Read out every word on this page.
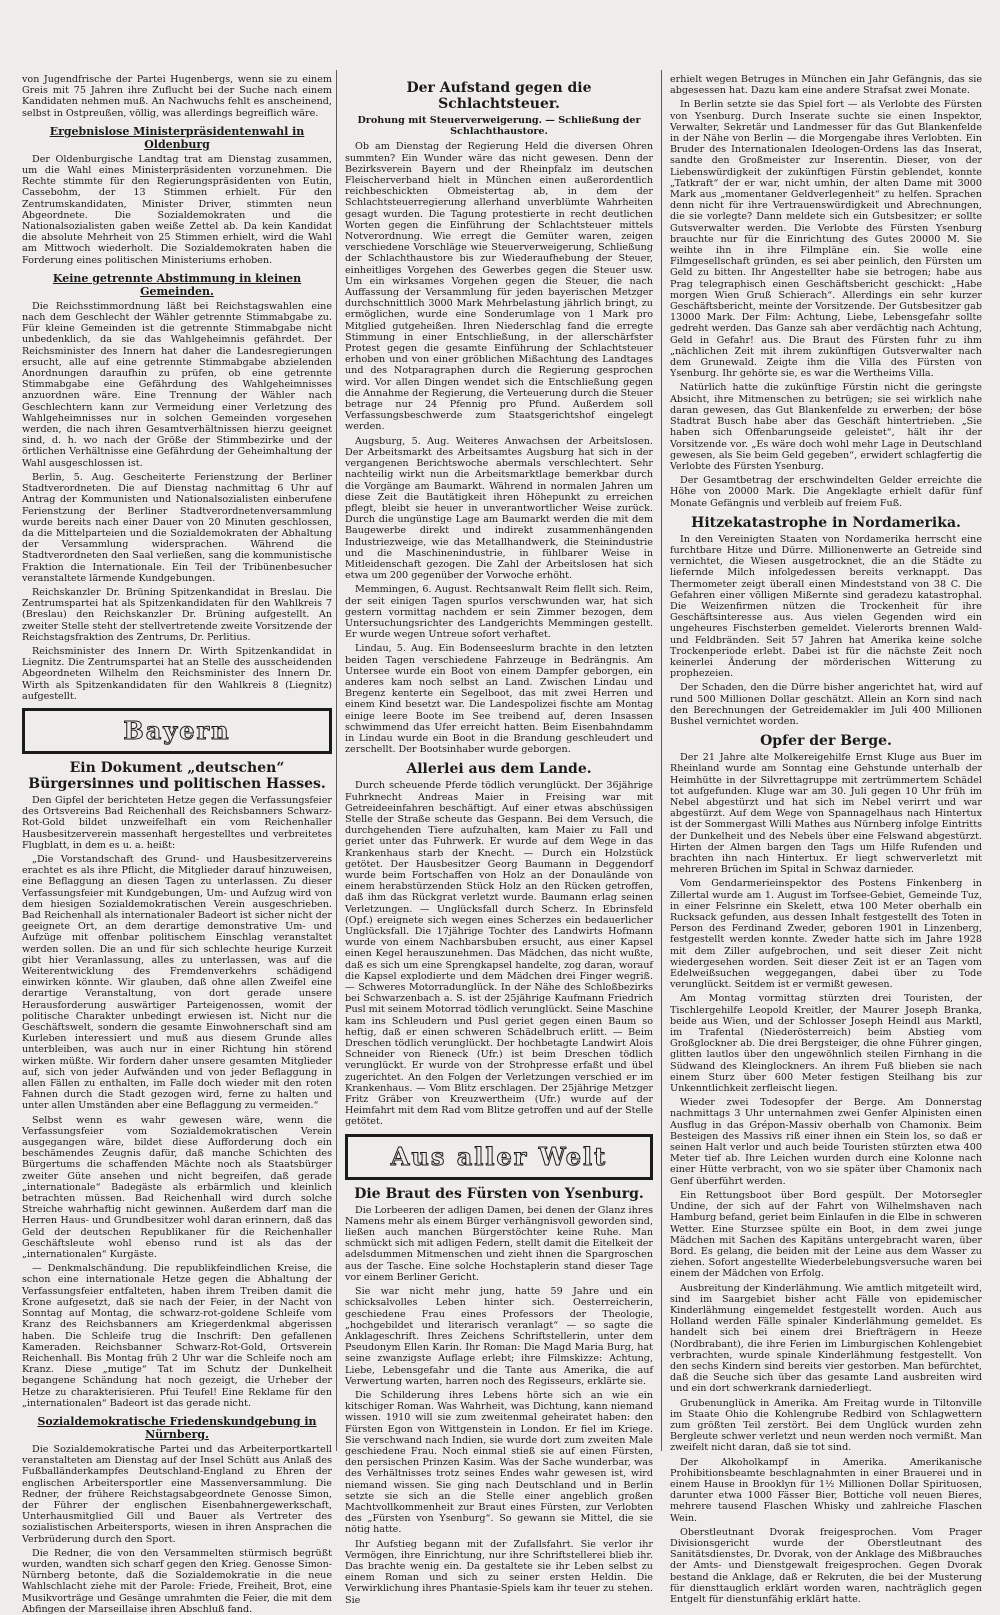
von Jugendfrische der Partei Hugenbergs, wenn sie zu einem Greis mit 75 Jahren ihre Zuflucht bei der Suche nach einem Kandidaten nehmen muß. An Nachwuchs fehlt es anscheinend, selbst in Ostpreußen, völlig, was allerdings begreiflich wäre.

Ergebnislose Ministerpräsidentenwahl in Oldenburg

Der Oldenburgische Landtag trat am Dienstag zusammen, um die Wahl eines Ministerpräsidenten vorzunehmen. Die Rechte stimmte für den Regierungspräsidenten von Eutin, Cassebohm, der 13 Stimmen erhielt. Für den Zentrumskandidaten, Minister Driver, stimmten neun Abgeordnete. Die Sozialdemokraten und die Nationalsozialisten gaben weiße Zettel ab. Da kein Kandidat die absolute Mehrheit von 25 Stimmen erhielt, wird die Wahl am Mittwoch wiederholt. Die Sozialdemokraten haben die Forderung eines politischen Ministeriums erhoben.

Keine getrennte Abstimmung in kleinen Gemeinden.

Die Reichsstimmordnung läßt bei Reichstagswahlen eine nach dem Geschlecht der Wähler getrennte Stimmabgabe zu. Für kleine Gemeinden ist die getrennte Stimmabgabe nicht unbedenklich, da sie das Wahlgeheimnis gefährdet. Der Reichsminister des Innern hat daher die Landesregierungen ersucht, alle auf eine getrennte Stimmabgabe abzielenden Anordnungen daraufhin zu prüfen, ob eine getrennte Stimmabgabe eine Gefährdung des Wahlgeheimnisses anzuordnen wäre. Eine Trennung der Wähler nach Geschlechtern kann zur Vermeidung einer Verletzung des Wahlgeheimnisses nur in solchen Gemeinden vorgesehen werden, die nach ihren Gesamtverhältnissen hierzu geeignet sind, d. h. wo nach der Größe der Stimmbezirke und der örtlichen Verhältnisse eine Gefährdung der Geheimhaltung der Wahl ausgeschlossen ist.

Berlin, 5. Aug. Gescheiterte Ferienstzung der Berliner Stadtverordneten. Die auf Dienstag nachmittag 6 Uhr auf Antrag der Kommunisten und Nationalsozialisten einberufene Ferienstzung der Berliner Stadtverordnetenversammlung wurde bereits nach einer Dauer von 20 Minuten geschlossen, da die Mittelparteien und die Sozialdemokraten der Abhaltung der Versammlung widersprachen. Während die Stadtverordneten den Saal verließen, sang die kommunistische Fraktion die Internationale. Ein Teil der Tribünenbesucher veranstaltete lärmende Kundgebungen.

Reichskanzler Dr. Brüning Spitzenkandidat in Breslau. Die Zentrumspartei hat als Spitzenkandidaten für den Wahlkreis 7 (Breslau) den Reichskanzler Dr. Brüning aufgestellt. An zweiter Stelle steht der stellvertretende zweite Vorsitzende der Reichstagsfraktion des Zentrums, Dr. Perlitius.

Reichsminister des Innern Dr. Wirth Spitzenkandidat in Liegnitz. Die Zentrumspartei hat an Stelle des ausscheidenden Abgeordneten Wilhelm den Reichsminister des Innern Dr. Wirth als Spitzenkandidaten für den Wahlkreis 8 (Liegnitz) aufgestellt.

Bayern
Ein Dokument „deutschen“ Bürgersinnes und politischen Hasses.

Den Gipfel der berichteten Hetze gegen die Verfassungsfeier des Ortsvereins Bad Reichenhall des Reichsbanners Schwarz-Rot-Gold bildet unzweifelhaft ein vom Reichenhaller Hausbesitzerverein massenhaft hergestelltes und verbreitetes Flugblatt, in dem es u. a. heißt:

„Die Vorstandschaft des Grund- und Hausbesitzervereins erachtet es als ihre Pflicht, die Mitglieder darauf hinzuweisen, eine Beflaggung an diesen Tagen zu unterlassen. Zu dieser Verfassungsfeier mit Kundgebungen, Um- und Aufzug wird von dem hiesigen Sozialdemokratischen Verein ausgeschrieben. Bad Reichenhall als internationaler Badeort ist sicher nicht der geeignete Ort, an dem derartige demonstrative Um- und Aufzüge mit offenbar politischem Einschlag veranstaltet werden sollen. Die an und für sich schlechte heurige Kurzeit gibt hier Veranlassung, alles zu unterlassen, was auf die Weiterentwicklung des Fremdenverkehrs schädigend einwirken könnte. Wir glauben, daß ohne allen Zweifel eine derartige Veranstaltung, von dort gerade unsere Herausforderung auswärtiger Parteigenossen, womit der politische Charakter unbedingt erwiesen ist. Nicht nur die Geschäftswelt, sondern die gesamte Einwohnerschaft sind am Kurleben interessiert und muß aus diesem Grunde alles unterbleiben, was auch nur in einer Richtung hin störend wirken müßte. Wir fordern daher unsere gesamten Mitglieder auf, sich von jeder Aufwänden und von jeder Beflaggung in allen Fällen zu enthalten, im Falle doch wieder mit den roten Fahnen durch die Stadt gezogen wird, ferne zu halten und unter allen Umständen aber eine Beflaggung zu vermeiden.“

Selbst wenn es wahr gewesen wäre, wenn die Verfassungsfeier vom Sozialdemokratischen Verein ausgegangen wäre, bildet diese Aufforderung doch ein beschämendes Zeugnis dafür, daß manche Schichten des Bürgertums die schaffenden Mächte noch als Staatsbürger zweiter Güte ansehen und nicht begreifen, daß gerade „internationale“ Badegäste als erbärmlich und kleinlich betrachten müssen. Bad Reichenhall wird durch solche Streiche wahrhaftig nicht gewinnen. Außerdem darf man die Herren Haus- und Grundbesitzer wohl daran erinnern, daß das Geld der deutschen Republikaner für die Reichenhaller Geschäftsleute wohl ebenso rund ist als das der „internationalen“ Kurgäste.

— Denkmalschändung. Die republikfeindlichen Kreise, die schon eine internationale Hetze gegen die Abhaltung der Verfassungsfeier entfalteten, haben ihrem Treiben damit die Krone aufgesetzt, daß sie nach der Feier, in der Nacht von Sonntag auf Montag, die schwarz-rot-goldene Schleife vom Kranz des Reichsbanners am Kriegerdenkmal abgerissen haben. Die Schleife trug die Inschrift: Den gefallenen Kameraden. Reichsbanner Schwarz-Rot-Gold, Ortsverein Reichenhall. Bis Montag früh 2 Uhr war die Schleife noch am Kranz. Diese „mutige“ Tat im Schutz der Dunkelheit begangene Schändung hat noch gezeigt, die Urheber der Hetze zu charakterisieren. Pfui Teufel! Eine Reklame für den „internationalen“ Badeort ist das gerade nicht.

Sozialdemokratische Friedenskundgebung in Nürnberg.

Die Sozialdemokratische Partei und das Arbeiterportkartell veranstalteten am Dienstag auf der Insel Schütt aus Anlaß des Fußballänderkampfes Deutschland-England zu Ehren der englischen Arbeitersportler eine Massenversammlung. Die Redner, der frühere Reichstagsabgeordnete Genosse Simon, der Führer der englischen Eisenbahnergewerkschaft, Unterhausmitglied Gill und Bauer als Vertreter des sozialistischen Arbeitersports, wiesen in ihren Ansprachen die Verbrüderung durch den Sport.

Die Redner, die von den Versammelten stürmisch begrüßt wurden, wandten sich scharf gegen den Krieg. Genosse Simon-Nürnberg betonte, daß die Sozialdemokratie in die neue Wahlschlacht ziehe mit der Parole: Friede, Freiheit, Brot, eine Musikvorträge und Gesänge umrahmten die Feier, die mit dem Abfingen der Marseillaise ihren Abschluß fand.

Der Aufstand gegen die Schlachtsteuer.
Drohung mit Steuerverweigerung. — Schließung der Schlachthaustore.

Ob am Dienstag der Regierung Held die diversen Ohren summten? Ein Wunder wäre das nicht gewesen. Denn der Bezirksverein Bayern und der Rheinpfalz im deutschen Fleischerverband hielt in München einen außerordentlich reichbeschickten Obmeistertag ab, in dem der Schlachtsteuerregierung allerhand unverblümte Wahrheiten gesagt wurden. Die Tagung protestierte in recht deutlichen Worten gegen die Einführung der Schlachtsteuer mittels Notverordnung. Wie erregt die Gemüter waren, zeigen verschiedene Vorschläge wie Steuerverweigerung, Schließung der Schlachthaustore bis zur Wiederaufhebung der Steuer, einheitliges Vorgehen des Gewerbes gegen die Steuer usw. Um ein wirksames Vorgehen gegen die Steuer, die nach Auffassung der Versammlung für jeden bayerischen Metzger durchschnittlich 3000 Mark Mehrbelastung jährlich bringt, zu ermöglichen, wurde eine Sonderumlage von 1 Mark pro Mitglied gutgeheißen. Ihren Niederschlag fand die erregte Stimmung in einer Entschließung, in der allerschärfster Protest gegen die gesamte Einführung der Schlachtsteuer erhoben und von einer gröblichen Mißachtung des Landtages und des Notparagraphen durch die Regierung gesprochen wird. Vor allen Dingen wendet sich die Entschließung gegen die Annahme der Regierung, die Verteuerung durch die Steuer betrage nur 24 Pfennig pro Pfund. Außerdem soll Verfassungsbeschwerde zum Staatsgerichtshof eingelegt werden.

Augsburg, 5. Aug. Weiteres Anwachsen der Arbeitslosen. Der Arbeitsmarkt des Arbeitsamtes Augsburg hat sich in der vergangenen Berichtswoche abermals verschlechtert. Sehr nachteilig wirkt nun die Arbeitsmarktlage bemerkbar durch die Vorgänge am Baumarkt. Während in normalen Jahren um diese Zeit die Bautätigkeit ihren Höhepunkt zu erreichen pflegt, bleibt sie heuer in unverantwortlicher Weise zurück. Durch die ungünstige Lage am Baumarkt werden die mit dem Baugewerbe direkt und indirekt zusammenhängenden Industriezweige, wie das Metallhandwerk, die Steinindustrie und die Maschinenindustrie, in fühlbarer Weise in Mitleidenschaft gezogen. Die Zahl der Arbeitslosen hat sich etwa um 200 gegenüber der Vorwoche erhöht.

Memmingen, 6. August. Rechtsanwalt Reim flellt sich. Reim, der seit einigen Tagen spurlos verschwunden war, hat sich gestern vormittag nachdem er sein Zimmer bezogen, dem Untersuchungsrichter des Landgerichts Memmingen gestellt. Er wurde wegen Untreue sofort verhaftet.

Lindau, 5. Aug. Ein Bodenseeslurm brachte in den letzten beiden Tagen verschiedene Fahrzeuge in Bedrängnis. Am Untersee wurde ein Boot von einem Dampfer geborgen, ein anderes kam noch selbst an Land. Zwischen Lindau und Bregenz kenterte ein Segelboot, das mit zwei Herren und einem Kind besetzt war. Die Landespolizei fischte am Montag einige leere Boote im See treibend auf, deren Insassen schwimmend das Ufer erreicht hatten. Beim Eisenbahndamm in Lindau wurde ein Boot in die Brandung geschleudert und zerschellt. Der Bootsinhaber wurde geborgen.

Allerlei aus dem Lande.

Durch scheuende Pferde tödlich verunglückt. Der 36jährige Fuhrknecht Andreas Maier in Freising war mit Getreideeinfahren beschäftigt. Auf einer etwas abschüssigen Stelle der Straße scheute das Gespann. Bei dem Versuch, die durchgehenden Tiere aufzuhalten, kam Maier zu Fall und geriet unter das Fuhrwerk. Er wurde auf dem Wege in das Krankenhaus starb der Knecht. — Durch ein Holzstück getötet. Der Hausbesitzer Georg Baumann in Deggendorf wurde beim Fortschaffen von Holz an der Donaulände von einem herabstürzenden Stück Holz an den Rücken getroffen, daß ihm das Rückgrat verletzt wurde. Baumann erlag seinen Verletzungen. — Unglücksfall durch Scherz. In Ebrinsfeld (Opf.) ereignete sich wegen eines Scherzes ein bedauerlicher Unglücksfall. Die 17jährige Tochter des Landwirts Hofmann wurde von einem Nachbarsbuben ersucht, aus einer Kapsel einen Kegel herauszunehmen. Das Mädchen, das nicht wußte, daß es sich um eine Sprengkapsel handelte, zog daran, worauf die Kapsel explodierte und dem Mädchen drei Finger wegriß. — Schweres Motorradunglück. In der Nähe des Schloßbezirks bei Schwarzenbach a. S. ist der 25jährige Kaufmann Friedrich Pusl mit seinem Motorrad tödlich verunglückt. Seine Maschine kam ins Schleudern und Pusl geriet gegen einen Baum so heftig, daß er einen schweren Schädelbruch erlitt. — Beim Dreschen tödlich verunglückt. Der hochbetagte Landwirt Alois Schneider von Rieneck (Ufr.) ist beim Dreschen tödlich verunglückt. Er wurde von der Strohpresse erfaßt und übel zugerichtet. An den Folgen der Verletzungen verschied er im Krankenhaus. — Vom Blitz erschlagen. Der 25jährige Metzger Fritz Gräber von Kreuzwertheim (Ufr.) wurde auf der Heimfahrt mit dem Rad vom Blitze getroffen und auf der Stelle getötet.

Aus aller Welt
Die Braut des Fürsten von Ysenburg.

Die Lorbeeren der adligen Damen, bei denen der Glanz ihres Namens mehr als einem Bürger verhängnisvoll geworden sind, ließen auch manchen Bürgerstöchter keine Ruhe. Man schmückt sich mit adligen Federn, stellt damit die Eitelkeit der adelsdummen Mitmenschen und zieht ihnen die Spargroschen aus der Tasche. Eine solche Hochstaplerin stand dieser Tage vor einem Berliner Gericht.

Sie war nicht mehr jung, hatte 59 Jahre und ein schicksalvolles Leben hinter sich. Oesterreicherin, geschiedene Frau eines Professors der Theologie, „hochgebildet und literarisch veranlagt“ — so sagte die Anklageschrift. Ihres Zeichens Schriftstellerin, unter dem Pseudonym Ellen Karin. Ihr Roman: Die Magd Maria Burg, hat seine zwanzigste Auflage erlebt; ihre Filmskizze: Achtung, Liebe, Lebensgefahr und die Tante aus Amerika, die auf Verwertung warten, harren noch des Regisseurs, erklärte sie.

Die Schilderung ihres Lebens hörte sich an wie ein kitschiger Roman. Was Wahrheit, was Dichtung, kann niemand wissen. 1910 will sie zum zweitenmal geheiratet haben: den Fürsten Egon von Wittgenstein in London. Er fiel im Kriege. Sie verschwand nach Indien, sie wurde dort zum zweiten Male geschiedene Frau. Noch einmal stieß sie auf einen Fürsten, den persischen Prinzen Kasim. Was der Sache wunderbar, was des Verhältnisses trotz seines Endes wahr gewesen ist, wird niemand wissen. Sie ging nach Deutschland und in Berlin setzte sie sich an die Stelle einer angeblich großen Machtvollkommenheit zur Braut eines Fürsten, zur Verlobten des „Fürsten von Ysenburg“. So gewann sie Mittel, die sie nötig hatte.

Ihr Aufstieg begann mit der Zufallsfahrt. Sie verlor ihr Vermögen, ihre Einrichtung, nur ihre Schriftstellerei blieb ihr. Das brachte wenig ein. Da gestaltete sie ihr Leben selbst zu einem Roman und sich zu seiner ersten Heldin. Die Verwirklichung ihres Phantasie-Spiels kam ihr teuer zu stehen. Sie

erhielt wegen Betruges in München ein Jahr Gefängnis, das sie abgesessen hat. Dazu kam eine andere Strafsat zwei Monate.

In Berlin setzte sie das Spiel fort — als Verlobte des Fürsten von Ysenburg. Durch Inserate suchte sie einen Inspektor, Verwalter, Sekretär und Landmesser für das Gut Blankenfelde in der Nähe von Berlin — die Morgengabe ihres Verlobten. Ein Bruder des Internationalen Ideologen-Ordens las das Inserat, sandte den Großmeister zur Inserentin. Dieser, von der Liebenswürdigkeit der zukünftigen Fürstin geblendet, konnte „Tatkraft“ der er war, nicht umhin, der alten Dame mit 3000 Mark aus „momentaner Geldverlegenheit“ zu helfen. Sprachen denn nicht für ihre Vertrauenswürdigkeit und Abrechnungen, die sie vorlegte? Dann meldete sich ein Gutsbesitzer; er sollte Gutsverwalter werden. Die Verlobte des Fürsten Ysenburg brauchte nur für die Einrichtung des Gutes 20000 M. Sie weihte ihn in ihre Filmpläne ein. Sie wolle eine Filmgesellschaft gründen, es sei aber peinlich, den Fürsten um Geld zu bitten. Ihr Angestellter habe sie betrogen; habe aus Prag telegraphisch einen Geschäftsbericht geschickt: „Habe morgen Wien Gruß Schierach“. Allerdings ein sehr kurzer Geschäftsbericht, meinte der Vorsitzende. Der Gutsbesitzer gab 13000 Mark. Der Film: Achtung, Liebe, Lebensgefahr sollte gedreht werden. Das Ganze sah aber verdächtig nach Achtung, Geld in Gefahr! aus. Die Braut des Fürsten fuhr zu ihm „nächlichen Zeit mit ihrem zukünftigen Gutsverwalter nach dem Grunewald. Zeigte ihm die Villa des Fürsten von Ysenburg. Ihr gehörte sie, es war die Wertheims Villa.

Natürlich hatte die zukünftige Fürstin nicht die geringste Absicht, ihre Mitmenschen zu betrügen; sie sei wirklich nahe daran gewesen, das Gut Blankenfelde zu erwerben; der böse Stadtrat Busch habe aber das Geschäft hintertrieben. „Sie haben sich Offenbarungseide geleistet“, hält ihr der Vorsitzende vor. „Es wäre doch wohl mehr Lage in Deutschland gewesen, als Sie beim Geld gegeben“, erwidert schlagfertig die Verlobte des Fürsten Ysenburg.

Der Gesamtbetrag der erschwindelten Gelder erreichte die Höhe von 20000 Mark. Die Angeklagte erhielt dafür fünf Monate Gefängnis und verbleib auf freiem Fuß.

Hitzekatastrophe in Nordamerika.

In den Vereinigten Staaten von Nordamerika herrscht eine furchtbare Hitze und Dürre. Millionenwerte an Getreide sind vernichtet, die Wiesen ausgetrocknet, die an die Städte zu liefernde Milch infolgedessen bereits verknappt. Das Thermometer zeigt überall einen Mindeststand von 38 C. Die Gefahren einer völligen Mißernte sind geradezu katastrophal. Die Weizenfirmen nützen die Trockenheit für ihre Geschäftsinteresse aus. Aus vielen Gegenden wird ein ungeheures Fischsterben gemeldet. Vielerorts brennen Wald- und Feldbränden. Seit 57 Jahren hat Amerika keine solche Trockenperiode erlebt. Dabei ist für die nächste Zeit noch keinerlei Änderung der mörderischen Witterung zu prophezeien.

Der Schaden, den die Dürre bisher angerichtet hat, wird auf rund 500 Millionen Dollar geschätzt. Allein an Korn sind nach den Berechnungen der Getreidemakler im Juli 400 Millionen Bushel vernichtet worden.

Opfer der Berge.

Der 21 Jahre alte Molkereigehilfe Ernst Kluge aus Buer im Rheinland wurde am Sonntag eine Gehstunde unterhalb der Heimhütte in der Silvrettagruppe mit zertrümmertem Schädel tot aufgefunden. Kluge war am 30. Juli gegen 10 Uhr früh im Nebel abgestürzt und hat sich im Nebel verirrt und war abgestürzt. Auf dem Wege von Spannagelhaus nach Hintertux ist der Sommergast Willi Mathes aus Nürnberg infolge Eintritts der Dunkelheit und des Nebels über eine Felswand abgestürzt. Hirten der Almen bargen den Tags um Hilfe Rufenden und brachten ihn nach Hintertux. Er liegt schwerverletzt mit mehreren Brüchen im Spital in Schwaz darnieder.

Vom Gendarmerieinspektor des Postens Finkenberg in Zillertal wurde am 1. August im Torfsee-Gebiet, Gemeinde Tuz, in einer Felsrinne ein Skelett, etwa 100 Meter oberhalb ein Rucksack gefunden, aus dessen Inhalt festgestellt des Toten in Person des Ferdinand Zweder, geboren 1901 in Linzenberg, festgestellt werden konnte. Zweder hatte sich im Jahre 1928 mit dem Ziller aufgebrochen, und seit dieser Zeit nicht wiedergesehen worden. Seit dieser Zeit ist er an Tagen vom Edelweißsuchen weggegangen, dabei über zu Tode verunglückt. Seitdem ist er vermißt gewesen.

Am Montag vormittag stürzten drei Touristen, der Tischlergehilfe Leopold Kreitler, der Maurer Joseph Branka, beide aus Wien, und der Schlosser Joseph Heindl aus Marktl, im Trafental (Niederösterreich) beim Abstieg vom Großglockner ab. Die drei Bergsteiger, die ohne Führer gingen, glitten lautlos über den ungewöhnlich steilen Firnhang in die Südwand des Kleinglockners. An ihrem Fuß blieben sie nach einem Sturz über 600 Meter festigen Steilhang bis zur Unkenntlichkeit zerfleischt liegen.

Wieder zwei Todesopfer der Berge. Am Donnerstag nachmittags 3 Uhr unternahmen zwei Genfer Alpinisten einen Ausflug in das Grépon-Massiv oberhalb von Chamonix. Beim Besteigen des Massivs riß einer ihnen ein Stein los, so daß er seinen Halt verlor und auch beide Touristen stürzten etwa 400 Meter tief ab. Ihre Leichen wurden durch eine Kolonne nach einer Hütte verbracht, von wo sie später über Chamonix nach Genf überführt werden.

Ein Rettungsboot über Bord gespült. Der Motorsegler Undine, der sich auf der Fahrt von Wilhelmshaven nach Hamburg befand, geriet beim Einlaufen in die Elbe in schweren Wetter. Eine Sturzsee spülte ein Boot, in dem zwei junge Mädchen mit Sachen des Kapitäns untergebracht waren, über Bord. Es gelang, die beiden mit der Leine aus dem Wasser zu ziehen. Sofort angestellte Wiederbelebungsversuche waren bei einem der Mädchen von Erfolg.

Ausbreitung der Kinderlähmung. Wie amtlich mitgeteilt wird, sind im Saargebiet bisher acht Fälle von epidemischer Kinderlähmung eingemeldet festgestellt worden. Auch aus Holland werden Fälle spinaler Kinderlähmung gemeldet. Es handelt sich bei einem drei Briefträgern in Heeze (Nordbrabant), die ihre Ferien im Limburgischen Kohlengebiet verbrachten, wurde spinale Kinderlähmung festgestellt. Von den sechs Kindern sind bereits vier gestorben. Man befürchtet, daß die Seuche sich über das gesamte Land ausbreiten wird und ein dort schwerkrank darniederliegt.

Grubenunglück in Amerika. Am Freitag wurde in Tiltonville im Staate Ohio die Kohlengrube Redbird von Schlagwettern zum größten Teil zerstört. Bei dem Unglück wurden zehn Bergleute schwer verletzt und neun werden noch vermißt. Man zweifelt nicht daran, daß sie tot sind.

Der Alkoholkampf in Amerika. Amerikanische Prohibitionsbeamte beschlagnahmten in einer Brauerei und in einem Hause in Brooklyn für 1½ Millionen Dollar Spirituosen, darunter etwa 1000 Fässer Bier, Bottiche voll neuen Bieres, mehrere tausend Flaschen Whisky und zahlreiche Flaschen Wein.

Oberstleutnant Dvorak freigesprochen. Vom Prager Divisionsgericht wurde der Oberstleutnant des Sanitätsdienstes, Dr. Dvorak, von der Anklage des Mißbrauches der Amts- und Dienstgewalt freigesprochen. Gegen Dvorak bestand die Anklage, daß er Rekruten, die bei der Musterung für diensttauglich erklärt worden waren, nachträglich gegen Entgelt für dienstunfähig erklärt hatte.
